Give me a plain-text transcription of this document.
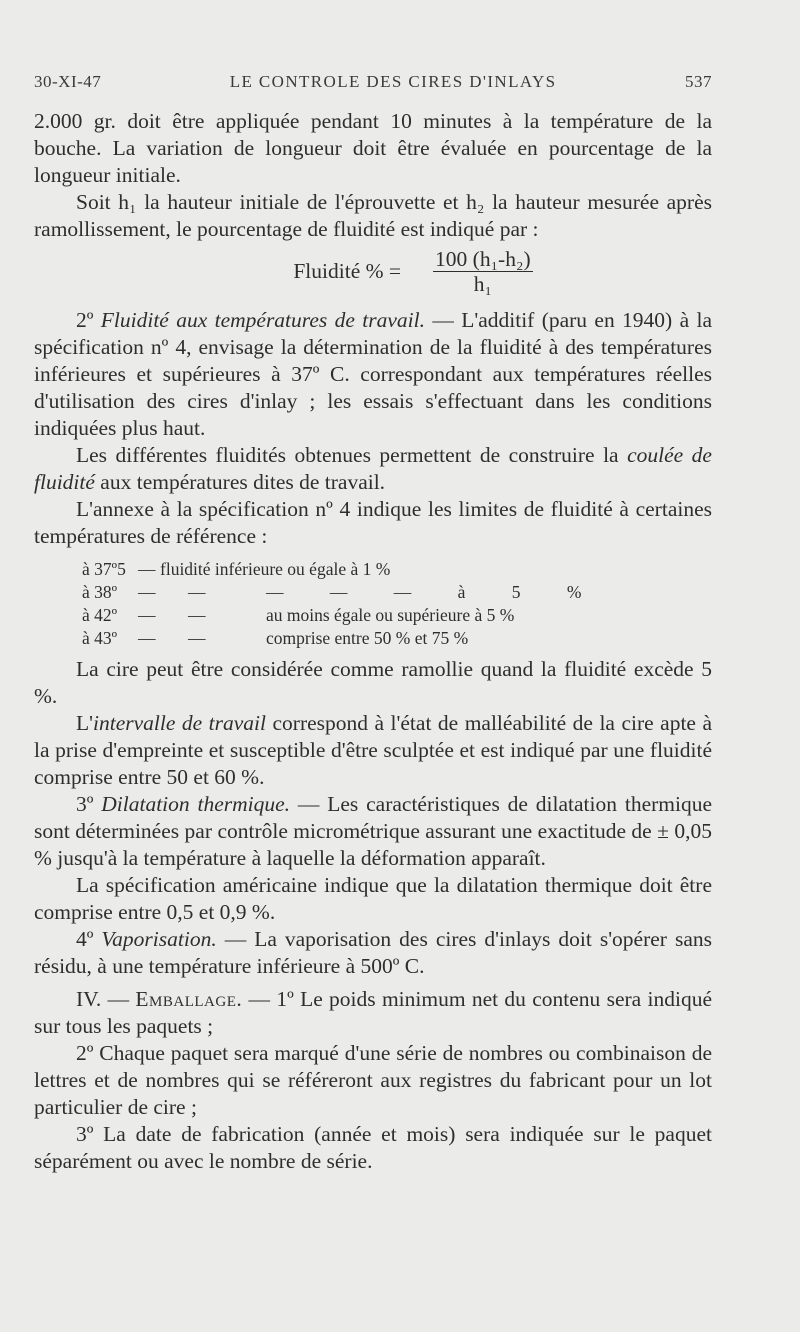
30-XI-47	LE CONTROLE DES CIRES D'INLAYS	537

2.000 gr. doit être appliquée pendant 10 minutes à la température de la bouche. La variation de longueur doit être évaluée en pourcentage de la longueur initiale.

Soit h₁ la hauteur initiale de l'éprouvette et h₂ la hauteur mesurée après ramollissement, le pourcentage de fluidité est indiqué par :

Fluidité % = $\frac{\text{100 (h₁-h₂)}}{\text{h₁}}$

2º Fluidité aux températures de travail. — L'additif (paru en 1940) à la spécification nº 4, envisage la détermination de la fluidité à des températures inférieures et supérieures à 37º C. correspondant aux températures réelles d'utilisation des cires d'inlay ; les essais s'effectuant dans les conditions indiquées plus haut.

Les différentes fluidités obtenues permettent de construire la coulée de fluidité aux températures dites de travail.

L'annexe à la spécification nº 4 indique les limites de fluidité à certaines températures de référence :

à 37º5 — fluidité inférieure ou égale à 1 %
à 38º	—	—	— — — à 5 %
à 42º	—	—	au moins égale ou supérieure à 5 %
à 43º	—	—	comprise entre 50 % et 75 %

La cire peut être considérée comme ramollie quand la fluidité excède 5 %.

L'intervalle de travail correspond à l'état de malléabilité de la cire apte à la prise d'empreinte et susceptible d'être sculptée et est indiqué par une fluidité comprise entre 50 et 60 %.

3º Dilatation thermique. — Les caractéristiques de dilatation thermique sont déterminées par contrôle micrométrique assurant une exactitude de ± 0,05 % jusqu'à la température à laquelle la déformation apparaît.

La spécification américaine indique que la dilatation thermique doit être comprise entre 0,5 et 0,9 %.

4º Vaporisation. — La vaporisation des cires d'inlays doit s'opérer sans résidu, à une température inférieure à 500º C.

IV. — Emballage. — 1º Le poids minimum net du contenu sera indiqué sur tous les paquets ;

2º Chaque paquet sera marqué d'une série de nombres ou combinaison de lettres et de nombres qui se référeront aux registres du fabricant pour un lot particulier de cire ;

3º La date de fabrication (année et mois) sera indiquée sur le paquet séparément ou avec le nombre de série.
